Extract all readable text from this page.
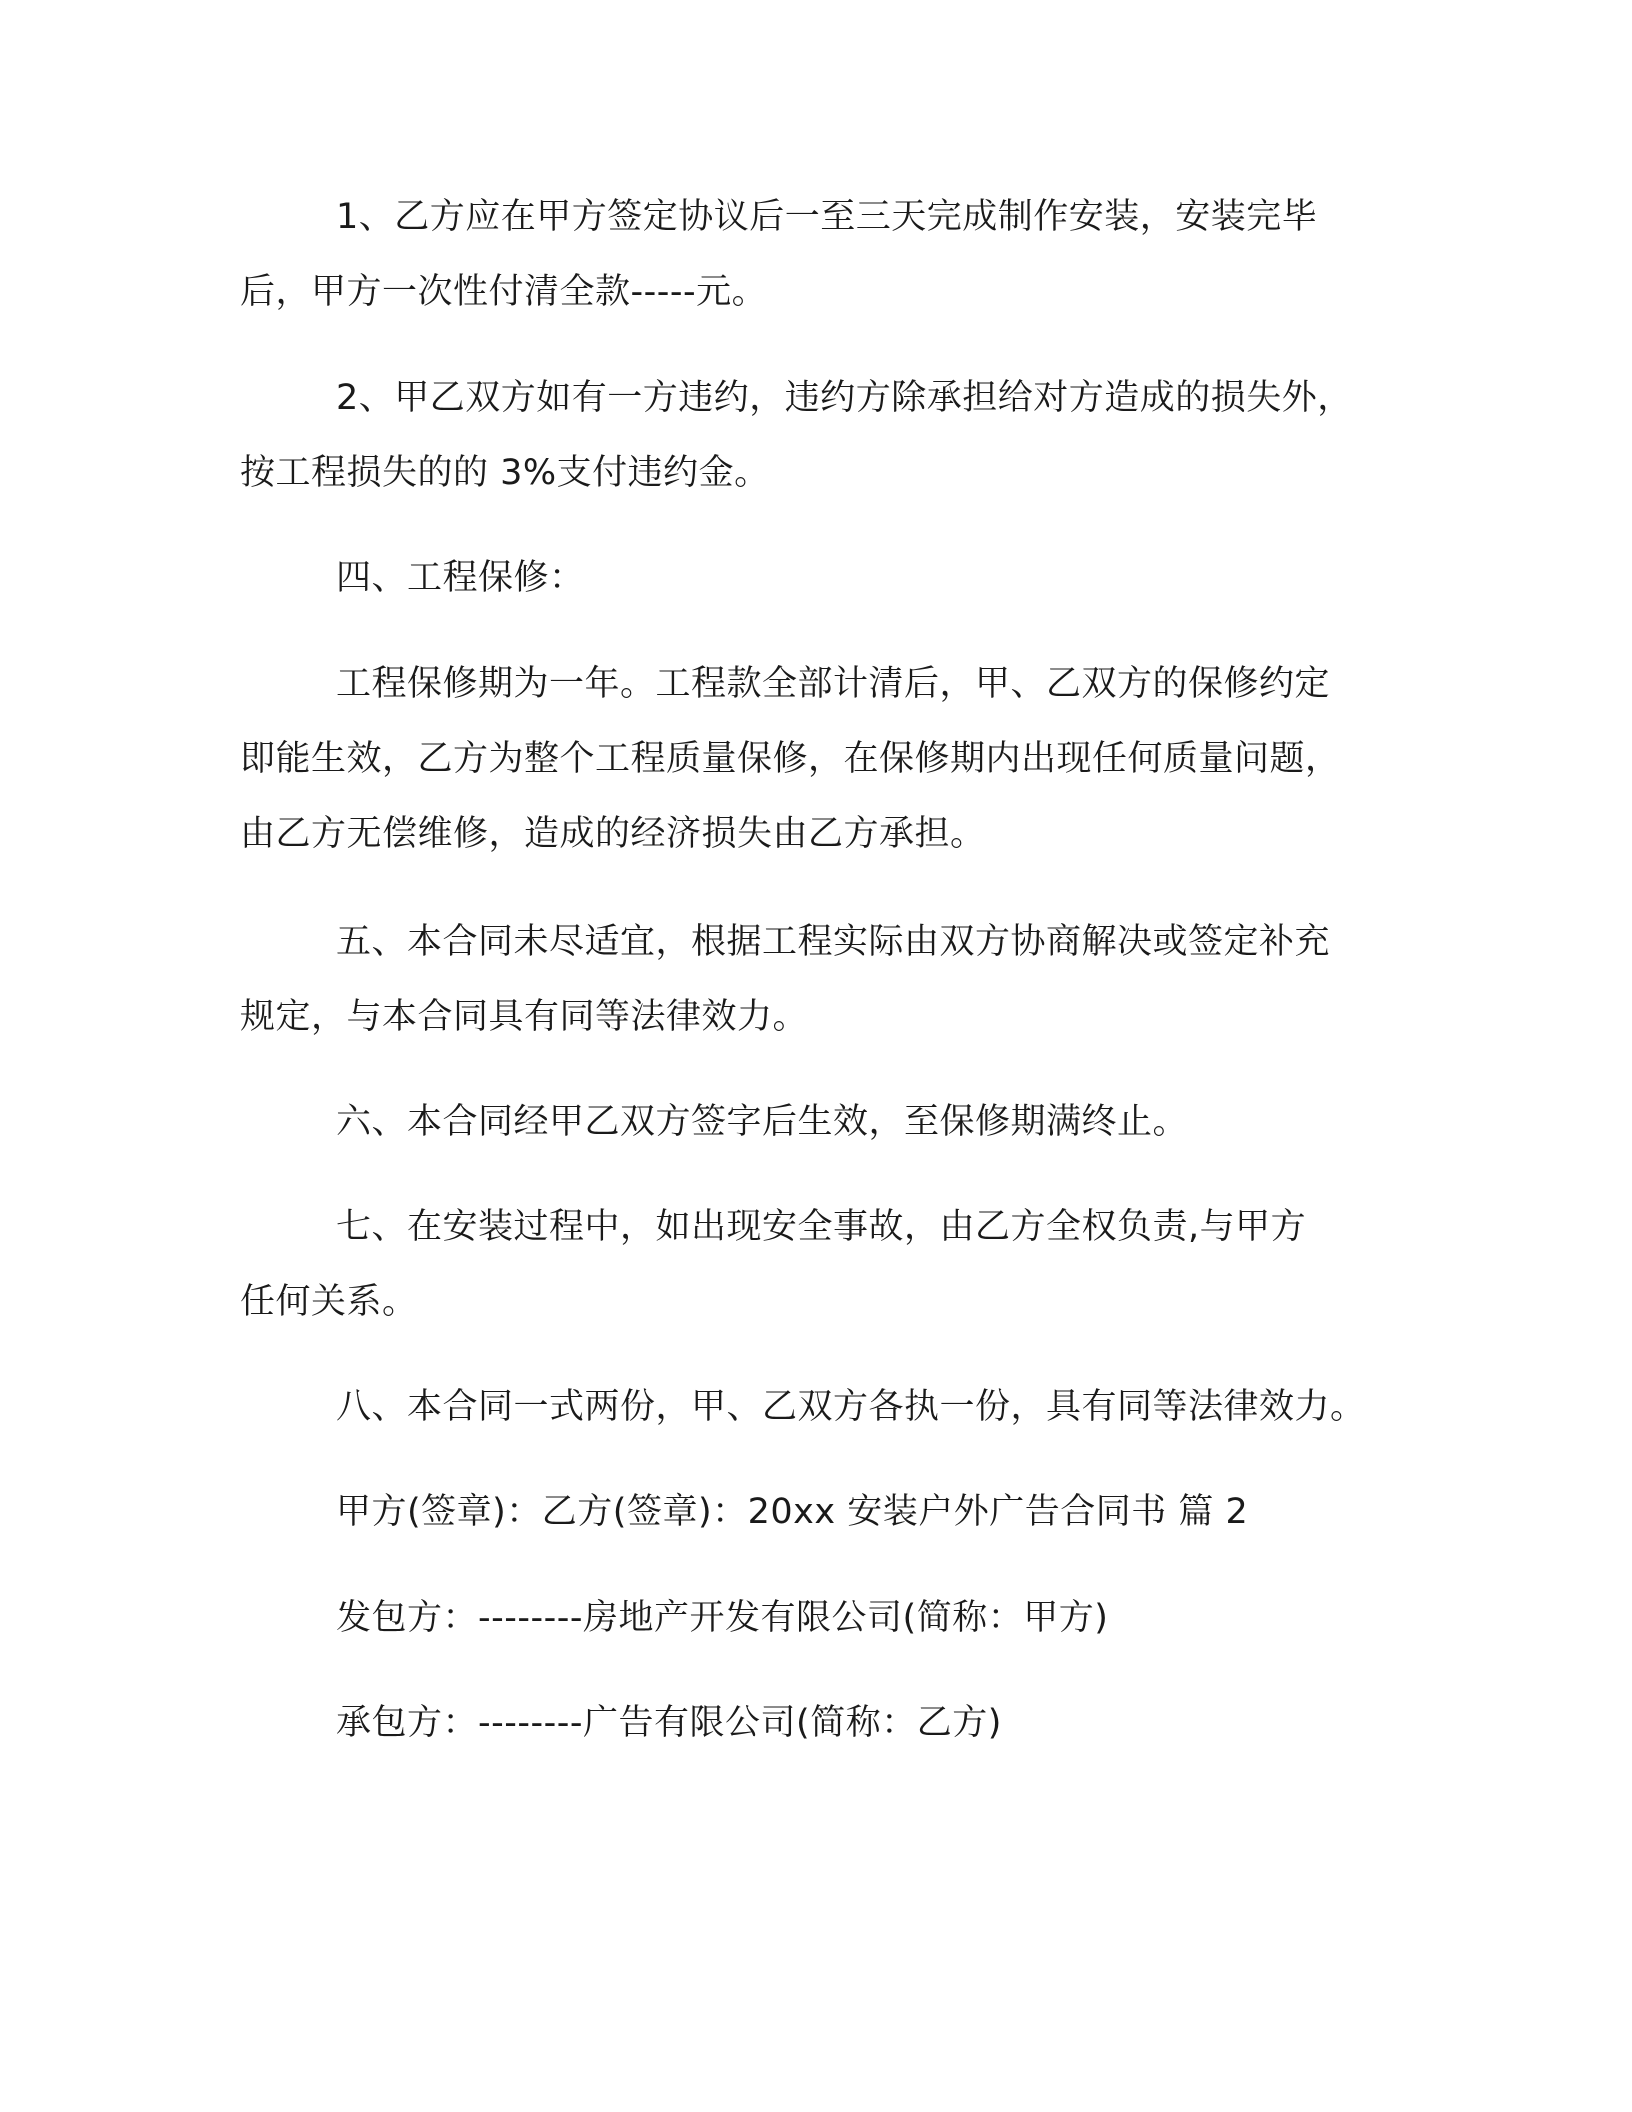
1、乙方应在甲方签定协议后一至三天完成制作安装，安装完毕
后，甲方一次性付清全款-----元。

2、甲乙双方如有一方违约，违约方除承担给对方造成的损失外，
按工程损失的的 3%支付违约金。

四、工程保修：

工程保修期为一年。工程款全部计清后，甲、乙双方的保修约定
即能生效，乙方为整个工程质量保修，在保修期内出现任何质量问题，
由乙方无偿维修，造成的经济损失由乙方承担。

五、本合同未尽适宜，根据工程实际由双方协商解决或签定补充
规定，与本合同具有同等法律效力。

六、本合同经甲乙双方签字后生效，至保修期满终止。

七、在安装过程中，如出现安全事故，由乙方全权负责,与甲方
任何关系。

八、本合同一式两份，甲、乙双方各执一份，具有同等法律效力。

甲方(签章)：乙方(签章)：20xx 安装户外广告合同书 篇 2

发包方：--------房地产开发有限公司(简称：甲方)

承包方：--------广告有限公司(简称：乙方)
